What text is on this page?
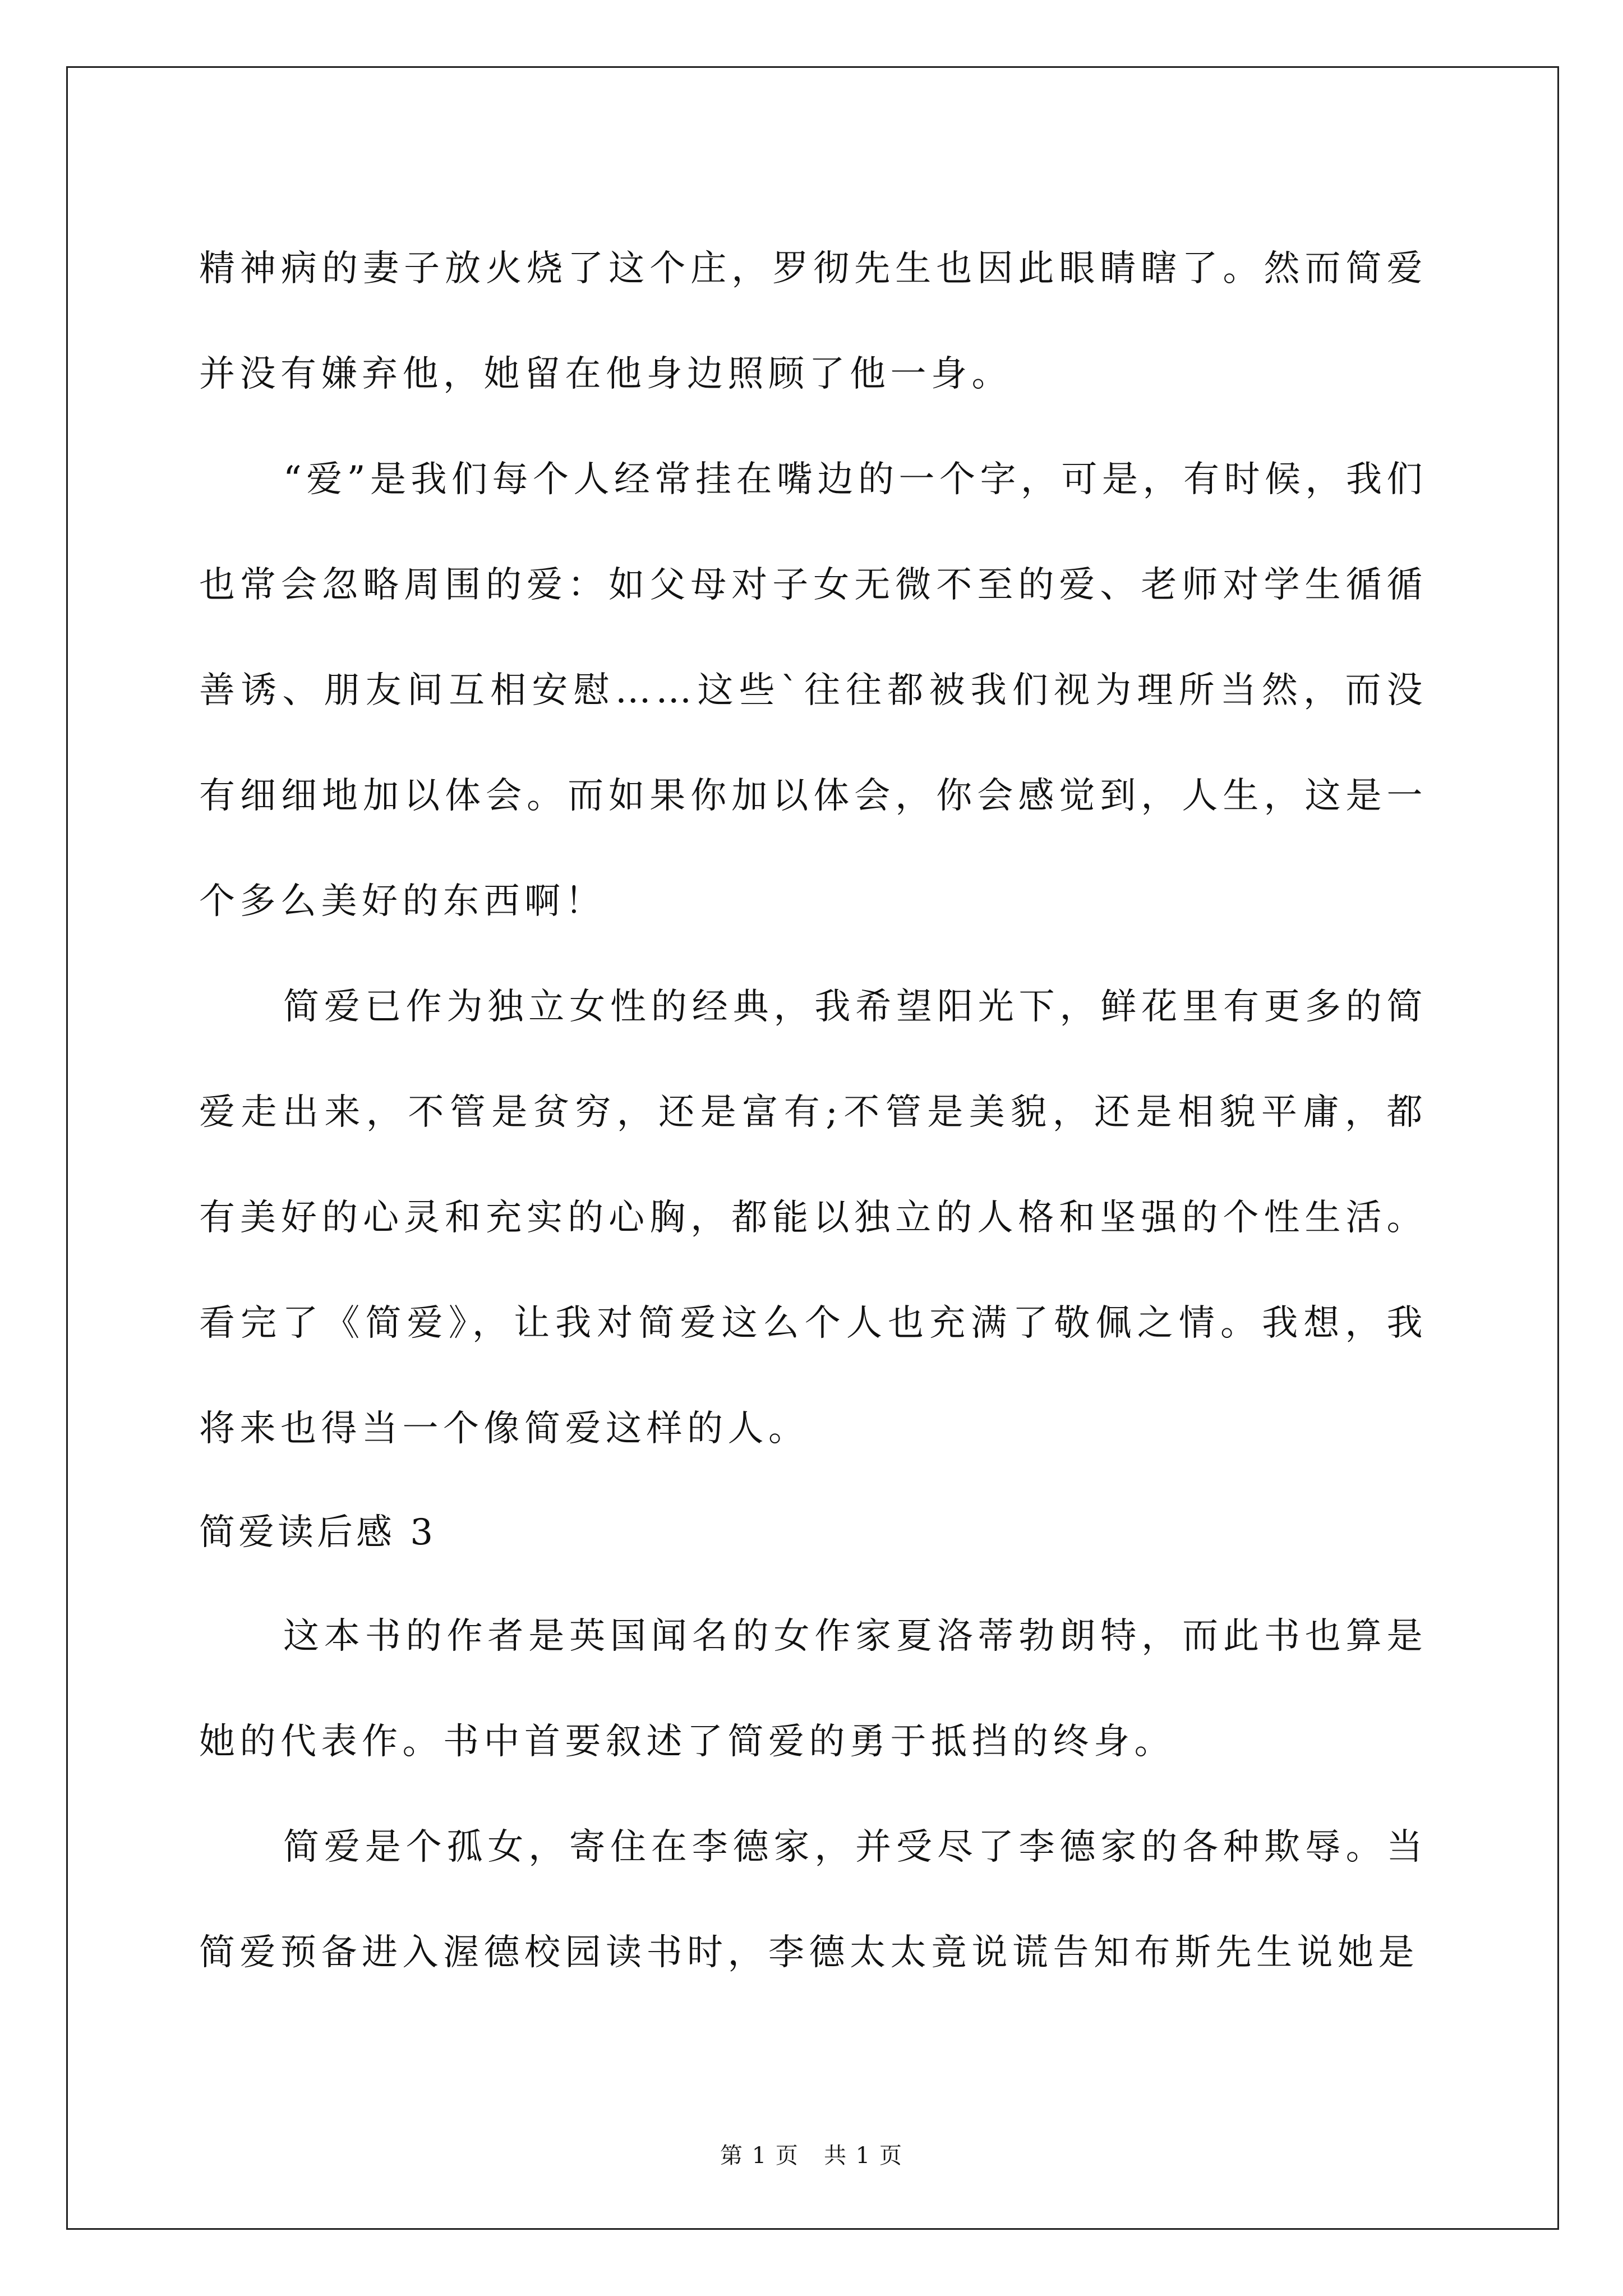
精神病的妻子放火烧了这个庄，罗彻先生也因此眼睛瞎了。然而简爱并没有嫌弃他，她留在他身边照顾了他一身。

“爱”是我们每个人经常挂在嘴边的一个字，可是，有时候，我们也常会忽略周围的爱：如父母对子女无微不至的爱、老师对学生循循善诱、朋友间互相安慰……这些`往往都被我们视为理所当然，而没有细细地加以体会。而如果你加以体会，你会感觉到，人生，这是一个多么美好的东西啊！

简爱已作为独立女性的经典，我希望阳光下，鲜花里有更多的简爱走出来，不管是贫穷，还是富有;不管是美貌，还是相貌平庸，都有美好的心灵和充实的心胸，都能以独立的人格和坚强的个性生活。看完了《简爱》，让我对简爱这么个人也充满了敬佩之情。我想，我将来也得当一个像简爱这样的人。

简爱读后感 3

这本书的作者是英国闻名的女作家夏洛蒂勃朗特，而此书也算是她的代表作。书中首要叙述了简爱的勇于抵挡的终身。

简爱是个孤女，寄住在李德家，并受尽了李德家的各种欺辱。当简爱预备进入渥德校园读书时，李德太太竟说谎告知布斯先生说她是

第 1 页   共 1 页
